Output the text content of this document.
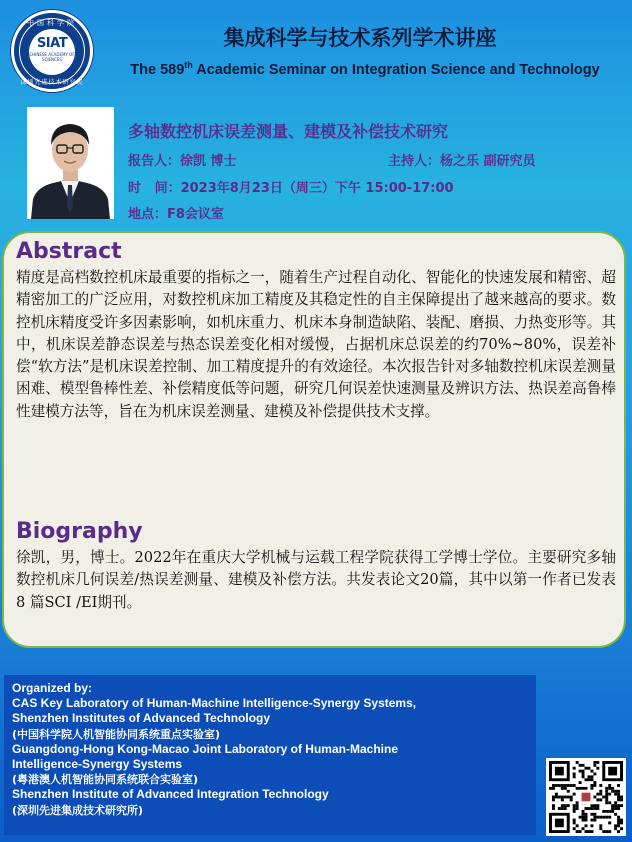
中国科学院
SIAT
CHINESE ACADEMY OF SCIENCES
深圳先进技术研究院
集成科学与技术系列学术讲座
The 589th Academic Seminar on Integration Science and Technology
多轴数控机床误差测量、建模及补偿技术研究
报告人：徐凯 博士	主持人：杨之乐 副研究员
时   间：2023年8月23日（周三）下午 15:00-17:00
地点：F8会议室
Abstract
精度是高档数控机床最重要的指标之一，随着生产过程自动化、智能化的快速发展和精密、超精密加工的广泛应用，对数控机床加工精度及其稳定性的自主保障提出了越来越高的要求。数控机床精度受许多因素影响，如机床重力、机床本身制造缺陷、装配、磨损、力热变形等。其中，机床误差静态误差与热态误差变化相对缓慢，占据机床总误差的约70%~80%，误差补偿“软方法”是机床误差控制、加工精度提升的有效途径。本次报告针对多轴数控机床误差测量困难、模型鲁棒性差、补偿精度低等问题，研究几何误差快速测量及辨识方法、热误差高鲁棒性建模方法等，旨在为机床误差测量、建模及补偿提供技术支撑。
Biography
徐凯，男，博士。2022年在重庆大学机械与运载工程学院获得工学博士学位。主要研究多轴数控机床几何误差/热误差测量、建模及补偿方法。共发表论文20篇，其中以第一作者已发表 8 篇SCI /EI期刊。
Organized by:
CAS Key Laboratory of Human-Machine Intelligence-Synergy Systems,
Shenzhen Institutes of Advanced Technology
(中国科学院人机智能协同系统重点实验室)
Guangdong-Hong Kong-Macao Joint Laboratory of Human-Machine
Intelligence-Synergy Systems
(粤港澳人机智能协同系统联合实验室)
Shenzhen Institute of Advanced Integration Technology
(深圳先进集成技术研究所)
